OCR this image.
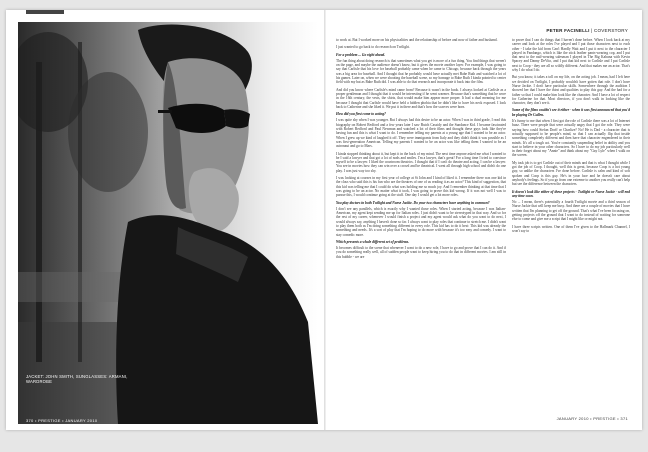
JACKET: JOHN SMITH, SUNGLASSES: ARMANI, WARDROBE
370 • PRESTIGE • JANUARY 2010
PETER FACINELLI | COVERSTORY

to work at. But I worked more on his physicalities and the relationship of before and now of father and husband.

I just wanted to go back to do research on Twilight.

For a problem ... Go right ahead.

The fun thing about doing research is that sometimes what you get is more of a fun thing. You find things that weren't on the page, and maybe the audience doesn't know, but it gives the movie another layer. For example, I was going to say that Carlisle that his love for baseball probably came when he came to Chicago, because back through the years was a big area for baseball. And I thought that he probably would have actually met Babe Ruth and watched a lot of his games. Later on, when we were shooting the baseball scene, so my homage to Babe Ruth I kinda pointed to center field with my bat as Babe Ruth did. I was able to do that research and incorporate it back into the film.

And did you know where Carlisle's mind came from? Because it wasn't in the book. I always looked at Carlisle as a proper gentleman and I thought that it would be interesting if he went warmer. Because that's something that he wore in the 16th century, the vests, the shirts, that would make him appear more proper. It had a dual meaning for me because I thought that Carlisle would have held a hidden phobia that he didn't like to have his neck exposed. I look back to Catherine and she liked it. We put it in there and that's how the scarves were born.

How did you first come to acting?

I was quite shy when I was younger. But I always had this desire to be an actor. When I was in third grade, I read this biography on Robert Redford and a few years later I saw Butch Cassidy and the Sundance Kid. I became fascinated with Robert Redford and Paul Newman and watched a lot of their films and thought these guys look like they're having fun and this is what I want to do. I remember telling my parents at a young age that I wanted to be an actor. When I grew up we kind of laughed it off. They were immigrants from Italy and they didn't think it was possible as I was first-generation American. Telling my parents I wanted to be an actor was like telling them I wanted to be an astronaut and go to Mars.

I kinda stopped thinking about it, but kept it in the back of my mind. The next time anyone asked me what I wanted to be I said a lawyer and that got a lot of nods and smiles. I'm a lawyer, that's great! For a long time I tried to convince myself to be a lawyer. I liked the courtroom theatrics. I thought that if I can't do theatre and acting, I can be a lawyer. You see in movies how they can win over a crowd and be theatrical. I went all through high school and didn't do one play. I was just way too shy.

I was looking at courses in my first year of college at St John and I kind of liked it. I remember there was one kid in the class who said this is his fun who are the theatres of one of us reading it as an actor? This kind of suggestion, that this kid was telling me that I could do what was holding me so much joy. And I remember thinking at that time that I was going to be an actor. No matter what it took, I was going to prove this kid wrong. If it was not well I was to pursue this, I would continue going at the stuff. One day I would get a lot more roles.

You play doctors in both Twilight and Nurse Jackie. Do your two characters have anything in common?

I don't see any parallels, which is exactly why I wanted those roles. When I started acting, because I was Italian-American, my agent kept sending me up for Italian roles. I just didn't want to be stereotyped in that way. And so for the rest of my career, whenever I would finish a project and my agent would ask what do you want to do next, I would always say, anything I haven't done so far. I always want to play roles that continue to stretch me. I didn't want to play them both as I'm doing something different in every role. This kid has to do it best: This kid was already the something and needs. It's a sort of play that I'm hoping to do more with because it's too easy and comedy. I want to stay comedic more.

Which presents a whole different set of problems.

It becomes difficult to the scene that whenever I want to do a new role, I have to go and prove that I can do it. And if you do something really well, all of sudden people want to keep hiring you to do that in different movies. I am still in this bubble - we are

to prove that I can do things that I haven't done before. When I look back at my career and look at the roles I've played and I put those characters next to each other - I take the kid from Can't Hardly Wait and I put it next to the character I played in Fandango, which is like the stick leather pants-wearing cop, and I put that next to the nail-wearing salesman I played in The Big Kahuna with Kevin Spacey and Danny DeVito, and I put that kid next to Carlisle and I put Carlisle next to Coop - they are all so wildly different. And that makes me an actor. That's why I do what I do.

But you know, it takes a toll on my life, on the acting job. I mean, had I left here we decided on Twilight, I probably wouldn't have gotten that role. I don't have Nurse Jackie. I don't have particular skills. Somewhere through the audition I showed her that I have the thirst and qualities to play this guy. And the bad for a father so that I could make him look like the character. And I have a lot of respect for Catherine for that. Most directors, if you don't walk in looking like the character, they don't see it.

Some of the films couldn't see it either - when it was first announced that you'd be playing Dr Cullen.

It's funny to me that when I first got the role of Carlisle there was a lot of Internet buzz. There were people that were actually angry that I got the role. They were saying how could Stefan Dorff or Charlize? No! He is Dad - a character that is actually supposed to be people's mind, so that I can actually flip that inside something completely different and then have that character engendered in their minds. It's all a tough act. You're constantly suspending belief in ability and you start to believe in your other characters. So I have to do my job particularly well in their forget about my "Annie" and think about my "Gay Lyle" when I walk on the screen.

My task job is to get Carlisle out of their minds and that is what I thought while I got the job of Coop. I thought, well this is great, because Coop is a hot young guy, so unlike the characters I've done before. Carlisle is calm and kind of soft spoken and Coop is this guy. He's in your face and he doesn't care about anybody's feelings. So if you go from one extreme to another you really can't help but see the difference between the characters.

It doesn't look like either of these projects - Twilight or Nurse Jackie - will end any time soon.

No ... I mean, there's potentially a fourth Twilight movie and a third season of Nurse Jackie that will keep me busy. And there are a couple of movies that I have written that I'm planning to get off the ground. That's what I've been focusing on, getting projects off the ground that I want to do instead of waiting for someone else to come and give me a script that I might like or might not.

I have three scripts written. One of them I've given to the Hallmark Channel, I won't say to

JANUARY 2010 • PRESTIGE • 371
